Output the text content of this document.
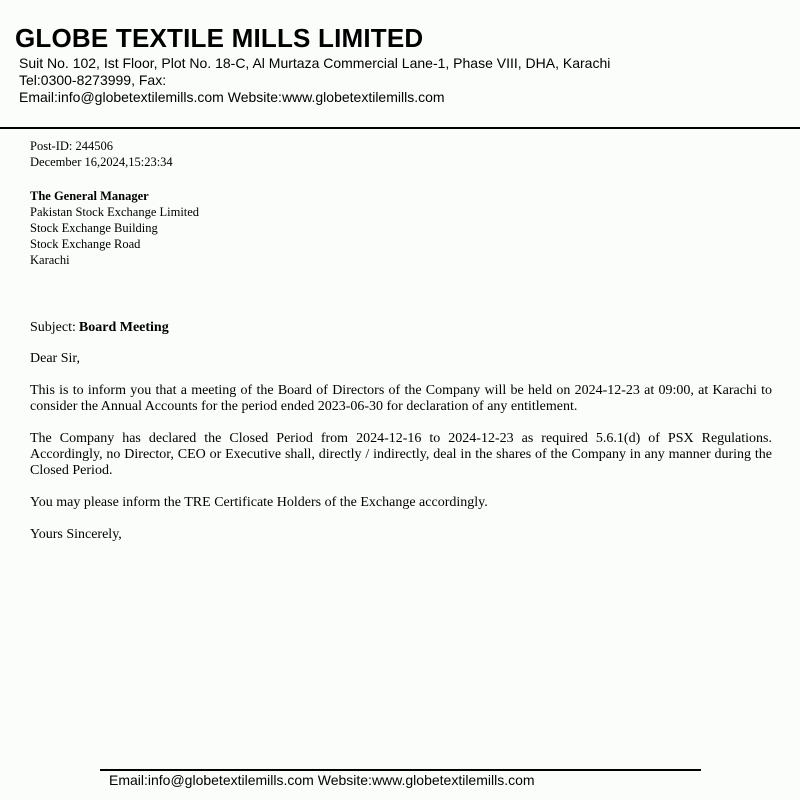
GLOBE TEXTILE MILLS LIMITED
Suit No. 102, Ist Floor, Plot No. 18-C, Al Murtaza Commercial Lane-1, Phase VIII, DHA, Karachi
Tel:0300-8273999, Fax:
Email:info@globetextilemills.com Website:www.globetextilemills.com
Post-ID: 244506
December 16,2024,15:23:34
The General Manager
Pakistan Stock Exchange Limited
Stock Exchange Building
Stock Exchange Road
Karachi
Subject: Board Meeting
Dear Sir,
This is to inform you that a meeting of the Board of Directors of the Company will be held on 2024-12-23 at 09:00, at Karachi to consider the Annual Accounts for the period ended 2023-06-30 for declaration of any entitlement.
The Company has declared the Closed Period from 2024-12-16 to 2024-12-23 as required 5.6.1(d) of PSX Regulations. Accordingly, no Director, CEO or Executive shall, directly / indirectly, deal in the shares of the Company in any manner during the Closed Period.
You may please inform the TRE Certificate Holders of the Exchange accordingly.
Yours Sincerely,
Email:info@globetextilemills.com Website:www.globetextilemills.com
